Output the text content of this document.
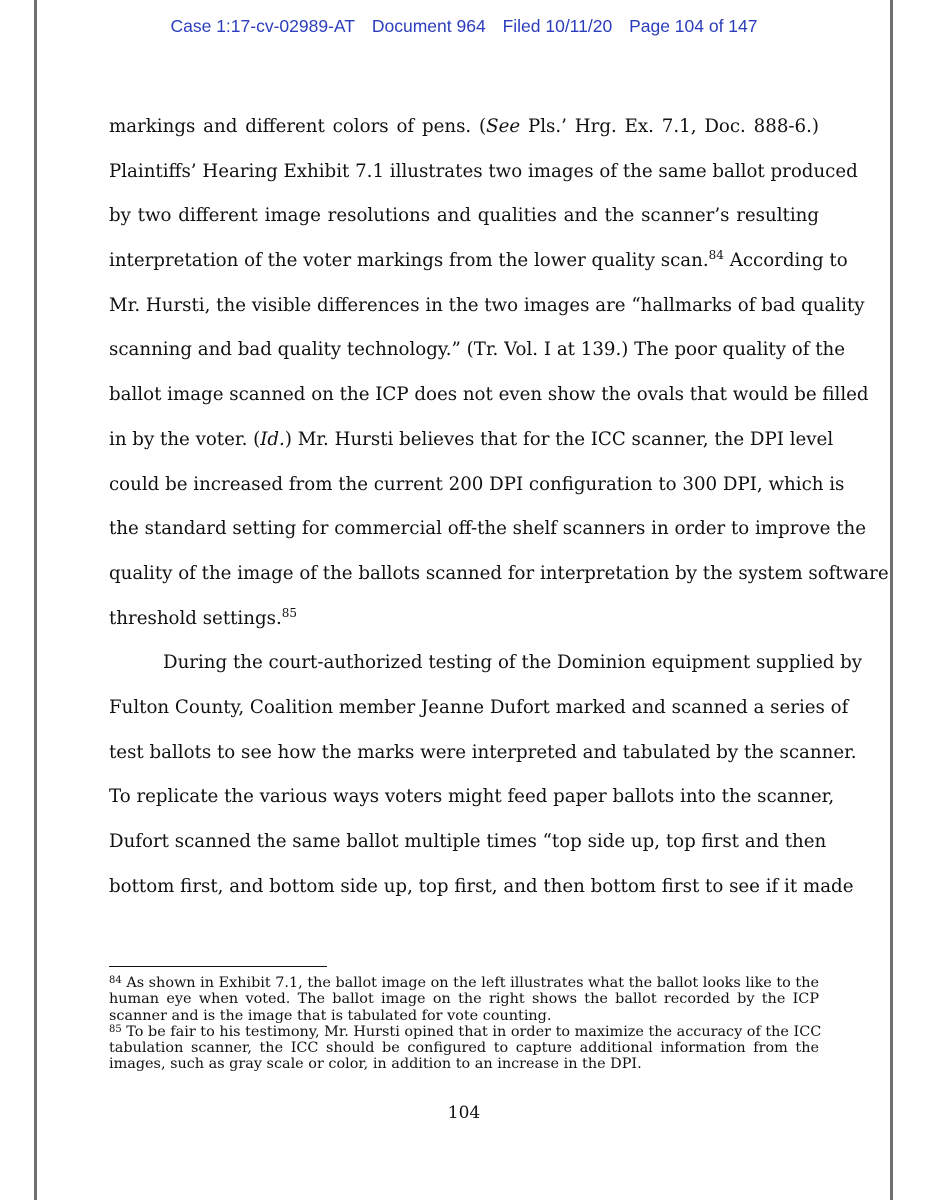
Case 1:17-cv-02989-AT Document 964 Filed 10/11/20 Page 104 of 147
markings and different colors of pens. (See Pls.’ Hrg. Ex. 7.1, Doc. 888-6.)
Plaintiffs’ Hearing Exhibit 7.1 illustrates two images of the same ballot produced
by two different image resolutions and qualities and the scanner’s resulting
interpretation of the voter markings from the lower quality scan.$^{84}$ According to
Mr. Hursti, the visible differences in the two images are “hallmarks of bad quality
scanning and bad quality technology.” (Tr. Vol. I at 139.) The poor quality of the
ballot image scanned on the ICP does not even show the ovals that would be filled
in by the voter. (Id.) Mr. Hursti believes that for the ICC scanner, the DPI level
could be increased from the current 200 DPI configuration to 300 DPI, which is
the standard setting for commercial off-the shelf scanners in order to improve the
quality of the image of the ballots scanned for interpretation by the system software
threshold settings.$^{85}$
During the court-authorized testing of the Dominion equipment supplied by
Fulton County, Coalition member Jeanne Dufort marked and scanned a series of
test ballots to see how the marks were interpreted and tabulated by the scanner.
To replicate the various ways voters might feed paper ballots into the scanner,
Dufort scanned the same ballot multiple times “top side up, top first and then
bottom first, and bottom side up, top first, and then bottom first to see if it made
$^{84}$ As shown in Exhibit 7.1, the ballot image on the left illustrates what the ballot looks like to the
human eye when voted. The ballot image on the right shows the ballot recorded by the ICP
scanner and is the image that is tabulated for vote counting.
$^{85}$ To be fair to his testimony, Mr. Hursti opined that in order to maximize the accuracy of the ICC
tabulation scanner, the ICC should be configured to capture additional information from the
images, such as gray scale or color, in addition to an increase in the DPI.
104
